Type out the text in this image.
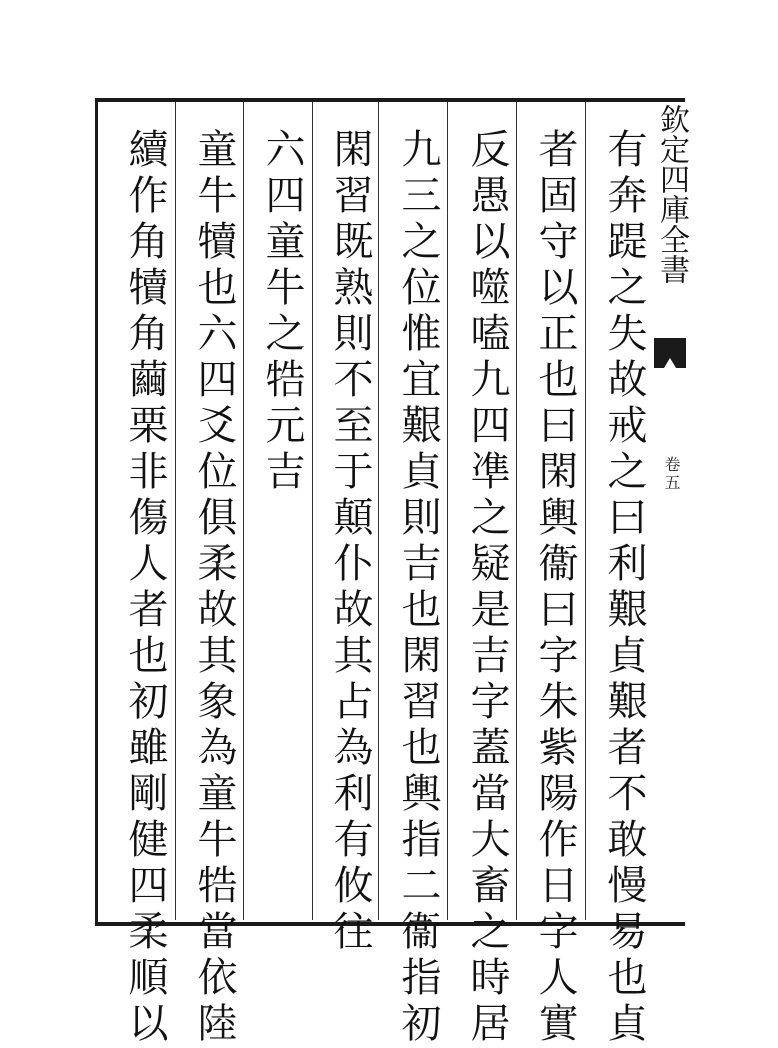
欽定四庫全書
卷五
有奔踶之失故戒之曰利艱貞艱者不敢慢易也貞
者固守以正也曰閑輿衞曰字朱紫陽作日字人實
反愚以噬嗑九四凖之疑是吉字蓋當大畜之時居
九三之位惟宜艱貞則吉也閑習也輿指二衞指初
閑習既熟則不至于顛仆故其占為利有攸往
六四童牛之牿元吉
童牛犢也六四爻位俱柔故其象為童牛牿當依陸
續作角犢角繭栗非傷人者也初雖剛健四柔順以
